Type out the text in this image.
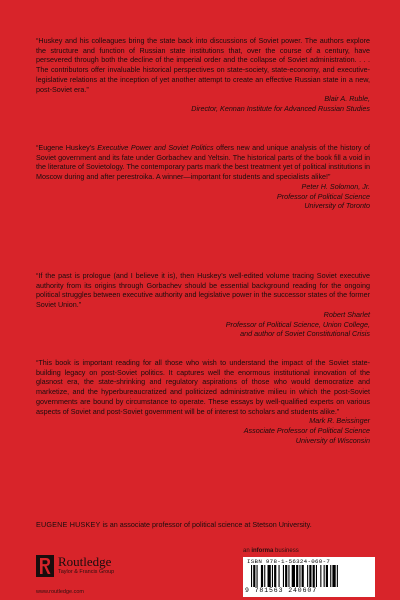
“Huskey and his colleagues bring the state back into discussions of Soviet power. The authors explore the structure and function of Russian state institutions that, over the course of a century, have persevered through both the decline of the imperial order and the collapse of Soviet administration. . . . The contributors offer invaluable historical perspectives on state-society, state-economy, and executive-legislative relations at the inception of yet another attempt to create an effective Russian state in a new, post-Soviet era.”

Blair A. Ruble,
Director, Kennan Institute for Advanced Russian Studies

“Eugene Huskey’s Executive Power and Soviet Politics offers new and unique analysis of the history of Soviet government and its fate under Gorbachev and Yeltsin. The historical parts of the book fill a void in the literature of Sovietology. The contemporary parts mark the best treatment yet of political institutions in Moscow during and after perestroika. A winner—important for students and specialists alike!”

Peter H. Solomon, Jr.
Professor of Political Science
University of Toronto

“If the past is prologue (and I believe it is), then Huskey’s well-edited volume tracing Soviet executive authority from its origins through Gorbachev should be essential background reading for the ongoing political struggles between executive authority and legislative power in the successor states of the former Soviet Union.”

Robert Sharlet
Professor of Political Science, Union College,
and author of Soviet Constitutional Crisis

“This book is important reading for all those who wish to understand the impact of the Soviet state-building legacy on post-Soviet politics. It captures well the enormous institutional innovation of the glasnost era, the state-shrinking and regulatory aspirations of those who would democratize and marketize, and the hyperbureaucratized and politicized administrative milieu in which the post-Soviet governments are bound by circumstance to operate. These essays by well-qualified experts on various aspects of Soviet and post-Soviet government will be of interest to scholars and students alike.”

Mark R. Beissinger
Associate Professor of Political Science
University of Wisconsin
EUGENE HUSKEY is an associate professor of political science at Stetson University.
an informa business
Routledge
Taylor & Francis Group
www.routledge.com
ISBN 978-1-56324-060-7
9 781563 240607
